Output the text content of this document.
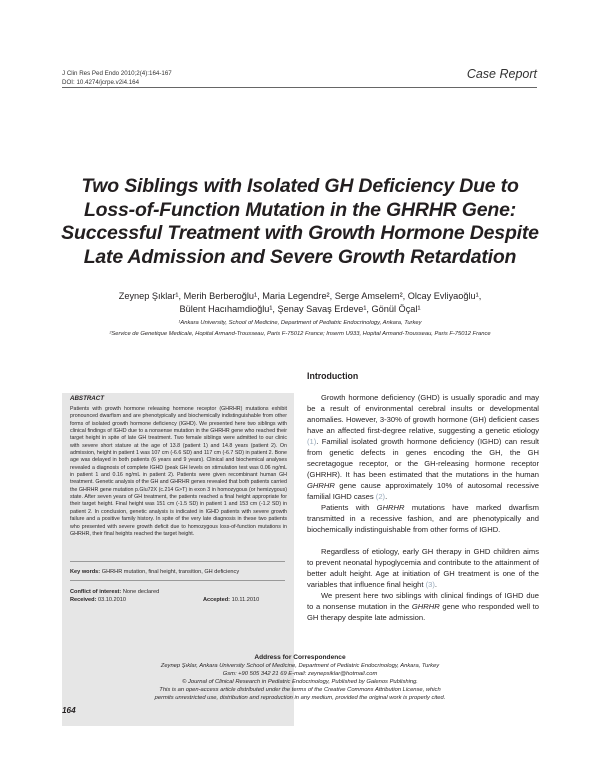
J Clin Res Ped Endo 2010;2(4):164-167
DOI: 10.4274/jcrpe.v2i4.164
Case Report
Two Siblings with Isolated GH Deficiency Due to
Loss-of-Function Mutation in the GHRHR Gene:
Successful Treatment with Growth Hormone Despite
Late Admission and Severe Growth Retardation
Zeynep Şıklar¹, Merih Berberoğlu¹, Maria Legendre², Serge Amselem², Olcay Evliyaoğlu¹,
Bülent Hacıhamdioğlu¹, Şenay Savaş Erdeve¹, Gönül Öçal¹
¹Ankara University, School of Medicine, Department of Pediatric Endocrinology, Ankara, Turkey
²Service de Genetique Medicale, Hopital Armand-Trousseau, Paris F-75012 France; Inserm U933, Hopital Armand-Trousseau, Paris F-75012 France
ABSTRACT
Patients with growth hormone releasing hormone receptor (GHRHR) mutations exhibit pronounced dwarfism and are phenotypically and biochemically indistinguishable from other forms of isolated growth hormone deficiency (IGHD). We presented here two siblings with clinical findings of IGHD due to a nonsense mutation in the GHRHR gene who reached their target height in spite of late GH treatment. Two female siblings were admitted to our clinic with severe short stature at the age of 13.8 (patient 1) and 14.8 years (patient 2). On admission, height in patient 1 was 107 cm (-6.6 SD) and 117 cm (-6.7 SD) in patient 2. Bone age was delayed in both patients (6 years and 9 years). Clinical and biochemical analyses revealed a diagnosis of complete IGHD (peak GH levels on stimulation test was 0.06 ng/mL in patient 1 and 0.16 ng/mL in patient 2). Patients were given recombinant human GH treatment. Genetic analysis of the GH and GHRHR genes revealed that both patients carried the GHRHR gene mutation p.Glu72X (c.214 G>T) in exon 3 in homozygous (or hemizygous) state. After seven years of GH treatment, the patients reached a final height appropriate for their target height. Final height was 151 cm (-1.5 SD) in patient 1 and 153 cm (-1.2 SD) in patient 2. In conclusion, genetic analysis is indicated in IGHD patients with severe growth failure and a positive family history. In spite of the very late diagnosis in these two patients who presented with severe growth deficit due to homozygous loss-of-function mutations in GHRHR, their final heights reached the target height.
Key words: GHRHR mutation, final height, transition, GH deficiency
Conflict of interest: None declared
Received: 03.10.2010	Accepted: 10.11.2010
Introduction

Growth hormone deficiency (GHD) is usually sporadic and may be a result of environmental cerebral insults or developmental anomalies. However, 3-30% of growth hormone (GH) deficient cases have an affected first-degree relative, suggesting a genetic etiology (1). Familial isolated growth hormone deficiency (IGHD) can result from genetic defects in genes encoding the GH, the GH secretagogue receptor, or the GH-releasing hormone receptor (GHRHR). It has been estimated that the mutations in the human GHRHR gene cause approximately 10% of autosomal recessive familial IGHD cases (2).

Patients with GHRHR mutations have marked dwarfism transmitted in a recessive fashion, and are phenotypically and biochemically indistinguishable from other forms of IGHD.

Regardless of etiology, early GH therapy in GHD children aims to prevent neonatal hypoglycemia and contribute to the attainment of better adult height. Age at initiation of GH treatment is one of the variables that influence final height (3).

We present here two siblings with clinical findings of IGHD due to a nonsense mutation in the GHRHR gene who responded well to GH therapy despite late admission.

Address for Correspondence
Zeynep Şıklar, Ankara University School of Medicine, Department of Pediatric Endocrinology, Ankara, Turkey
Gsm: +90 505 342 21 69 E-mail: zeynepsiklar@hotmail.com
© Journal of Clinical Research in Pediatric Endocrinology, Published by Galenos Publishing.
This is an open-access article distributed under the terms of the Creative Commons Attribution License, which
permits unrestricted use, distribution and reproduction in any medium, provided the original work is properly cited.
164
